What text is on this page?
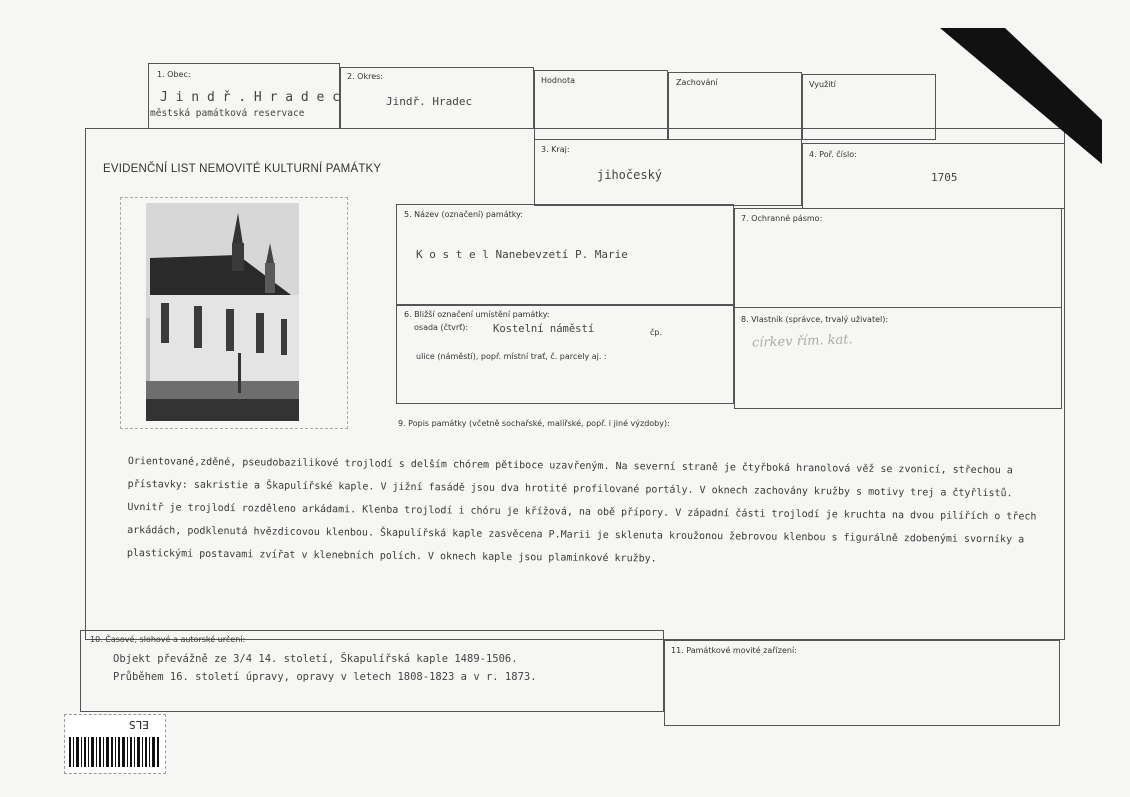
1. Obec:
J i n d ř . H r a d e c
městská památková reservace
2. Okres:
Jindř. Hradec
Hodnota	Zachování	Využití
EVIDENČNÍ LIST NEMOVITÉ KULTURNÍ PAMÁTKY
3. Kraj:
jihočeský
4. Poř. číslo:
1705
5. Název (označení) památky:
K o s t e l Nanebevzetí P. Marie
7. Ochranné pásmo:
6. Bližší označení umístění památky:
osada (čtvrť): Kostelní náměstí	čp.
ulice (náměstí), popř. místní trať, č. parcely aj. :
8. Vlastník (správce, trvalý uživatel):
církev řím. kat.
9. Popis památky (včetně sochařské, malířské, popř. i jiné výzdoby):
Orientované,zděné, pseudobazilikové trojlodí s delším chórem pětiboce uzavřeným. Na severní straně je čtyřboká hranolová věž se zvonicí, střechou a přístavky: sakristie a Škapulířské kaple. V jižní fasádě jsou dva hrotité profilované portály. V oknech zachovány kružby s motivy trej a čtyřlistů. Uvnitř je trojlodí rozděleno arkádami. Klenba trojlodí i chóru je křížová, na obě přípory. V západní části trojlodí je kruchta na dvou pilířích o třech arkádách, podklenutá hvězdicovou klenbou. Škapulířská kaple zasvěcena P.Marii je sklenuta kroužonou žebrovou klenbou s figurálně zdobenými svorníky a plastickými postavami zvířat v klenebních polích. V oknech kaple jsou plaminkové kružby.
10. Časové, slohové a autorské určení:
Objekt převážně ze 3/4 14. století, Škapulířská kaple 1489-1506.
Průběhem 16. století úpravy, opravy v letech 1808-1823 a v r. 1873.
11. Památkové movité zařízení:
ELS
